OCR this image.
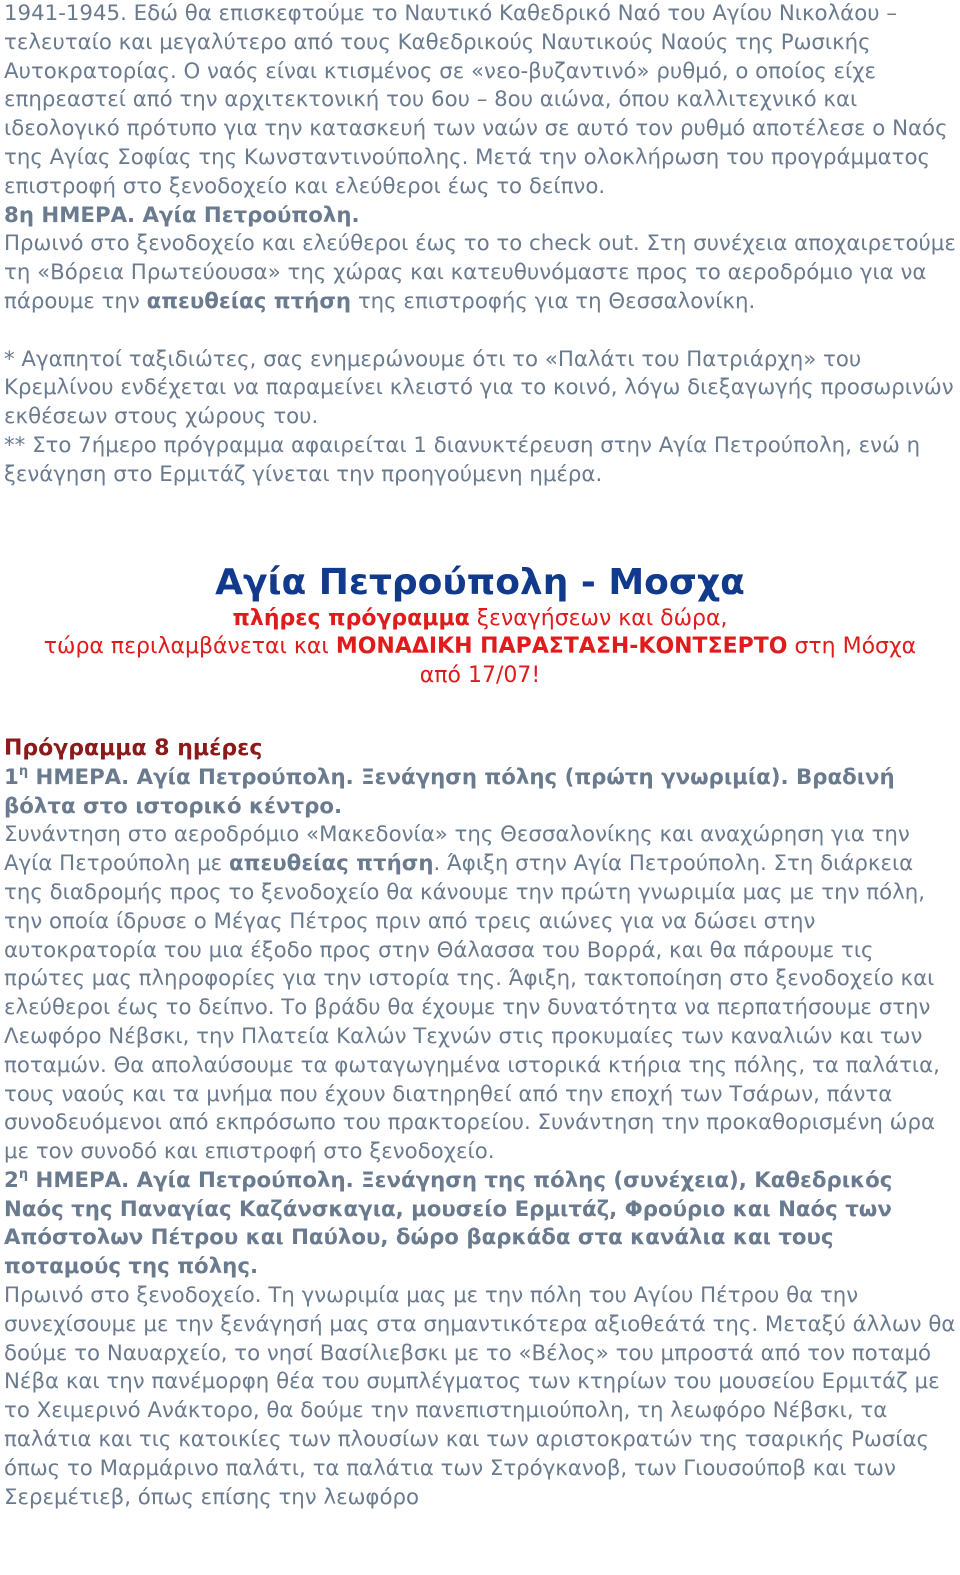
1941-1945. Εδώ θα επισκεφτούμε το Ναυτικό Καθεδρικό Ναό του Αγίου Νικολάου – τελευταίο και μεγαλύτερο από τους Καθεδρικούς Ναυτικούς Ναούς της Ρωσικής Αυτοκρατορίας. Ο ναός είναι κτισμένος σε «νεο-βυζαντινό» ρυθμό, ο οποίος είχε επηρεαστεί από την αρχιτεκτονική του 6ου – 8ου αιώνα, όπου καλλιτεχνικό και ιδεολογικό πρότυπο για την κατασκευή των ναών σε αυτό τον ρυθμό αποτέλεσε ο Ναός της Αγίας Σοφίας της Κωνσταντινούπολης. Μετά την ολοκλήρωση του προγράμματος επιστροφή στο ξενοδοχείο και ελεύθεροι έως το δείπνο.

8η ΗΜΕΡΑ. Αγία Πετρούπολη.

Πρωινό στο ξενοδοχείο και ελεύθεροι έως το το check out. Στη συνέχεια αποχαιρετούμε τη «Βόρεια Πρωτεύουσα» της χώρας και κατευθυνόμαστε προς το αεροδρόμιο για να πάρουμε την απευθείας πτήση της επιστροφής για τη Θεσσαλονίκη.

* Αγαπητοί ταξιδιώτες, σας ενημερώνουμε ότι το «Παλάτι του Πατριάρχη» του Κρεμλίνου ενδέχεται να παραμείνει κλειστό για το κοινό, λόγω διεξαγωγής προσωρινών εκθέσεων στους χώρους του.

** Στο 7ήμερο πρόγραμμα αφαιρείται 1 διανυκτέρευση στην Αγία Πετρούπολη, ενώ η ξενάγηση στο Ερμιτάζ γίνεται την προηγούμενη ημέρα.

Αγία Πετρούπολη - Μοσχα
πλήρες πρόγραμμα ξεναγήσεων και δώρα,
τώρα περιλαμβάνεται και ΜΟΝΑΔΙΚΗ ΠΑΡΑΣΤΑΣΗ-ΚΟΝΤΣΕΡΤΟ στη Μόσχα
από 17/07!
Πρόγραμμα 8 ημέρες
$1^\eta$ ΗΜΕΡΑ. Αγία Πετρούπολη. Ξενάγηση πόλης (πρώτη γνωριμία). Βραδινή βόλτα στο ιστορικό κέντρο.

Συνάντηση στο αεροδρόμιο «Μακεδονία» της Θεσσαλονίκης και αναχώρηση για την Αγία Πετρούπολη με απευθείας πτήση. Άφιξη στην Αγία Πετρούπολη. Στη διάρκεια της διαδρομής προς το ξενοδοχείο θα κάνουμε την πρώτη γνωριμία μας με την πόλη, την οποία ίδρυσε ο Μέγας Πέτρος πριν από τρεις αιώνες για να δώσει στην αυτοκρατορία του μια έξοδο προς στην Θάλασσα του Βορρά, και θα πάρουμε τις πρώτες μας πληροφορίες για την ιστορία της. Άφιξη, τακτοποίηση στο ξενοδοχείο και ελεύθεροι έως το δείπνο. Το βράδυ θα έχουμε την δυνατότητα να περπατήσουμε στην Λεωφόρο Νέβσκι, την Πλατεία Καλών Τεχνών στις προκυμαίες των καναλιών και των ποταμών. Θα απολαύσουμε τα φωταγωγημένα ιστορικά κτήρια της πόλης, τα παλάτια, τους ναούς και τα μνήμα που έχουν διατηρηθεί από την εποχή των Τσάρων, πάντα συνοδευόμενοι από εκπρόσωπο του πρακτορείου. Συνάντηση την προκαθορισμένη ώρα με τον συνοδό και επιστροφή στο ξενοδοχείο.

$2^\eta$ ΗΜΕΡΑ. Αγία Πετρούπολη. Ξενάγηση της πόλης (συνέχεια), Καθεδρικός Ναός της Παναγίας Καζάνσκαγια, μουσείο Ερμιτάζ, Φρούριο και Ναός των Απόστολων Πέτρου και Παύλου, δώρο βαρκάδα στα κανάλια και τους ποταμούς της πόλης.

Πρωινό στο ξενοδοχείο. Τη γνωριμία μας με την πόλη του Αγίου Πέτρου θα την συνεχίσουμε με την ξενάγησή μας στα σημαντικότερα αξιοθεάτά της. Μεταξύ άλλων θα δούμε το Ναυαρχείο, το νησί Βασίλιεβσκι με το «Βέλος» του μπροστά από τον ποταμό Νέβα και την πανέμορφη θέα του συμπλέγματος των κτηρίων του μουσείου Ερμιτάζ με το Χειμερινό Ανάκτορο, θα δούμε την πανεπιστημιούπολη, τη λεωφόρο Νέβσκι, τα παλάτια και τις κατοικίες των πλουσίων και των αριστοκρατών της τσαρικής Ρωσίας όπως το Μαρμάρινο παλάτι, τα παλάτια των Στρόγκανοβ, των Γιουσούποβ και των Σερεμέτιεβ, όπως επίσης την λεωφόρο
